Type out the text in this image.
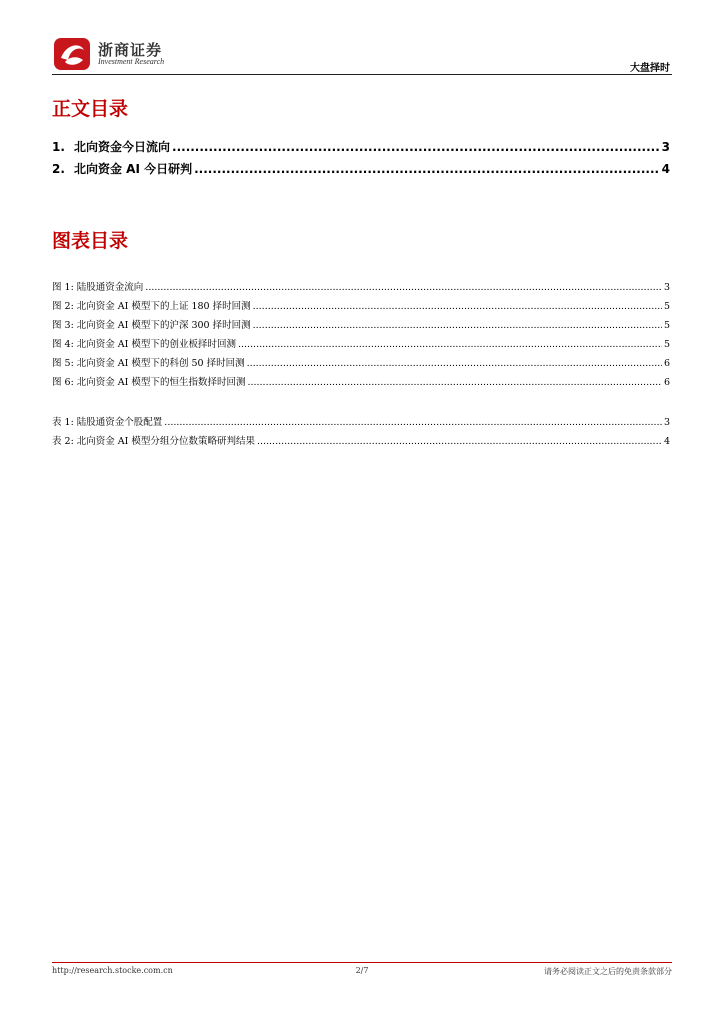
浙商证券
Investment Research
大盘择时
正文目录
1. 北向资金今日流向 .....	3
2. 北向资金 AI 今日研判 .....	4
图表目录
图 1: 陆股通资金流向 .....	3
图 2: 北向资金 AI 模型下的上证 180 择时回测 .....	5
图 3: 北向资金 AI 模型下的沪深 300 择时回测 .....	5
图 4: 北向资金 AI 模型下的创业板择时回测 .....	5
图 5: 北向资金 AI 模型下的科创 50 择时回测 .....	6
图 6: 北向资金 AI 模型下的恒生指数择时回测 .....	6
表 1: 陆股通资金个股配置 .....	3
表 2: 北向资金 AI 模型分组分位数策略研判结果 .....	4
http://research.stocke.com.cn	2/7	请务必阅读正文之后的免责条款部分
